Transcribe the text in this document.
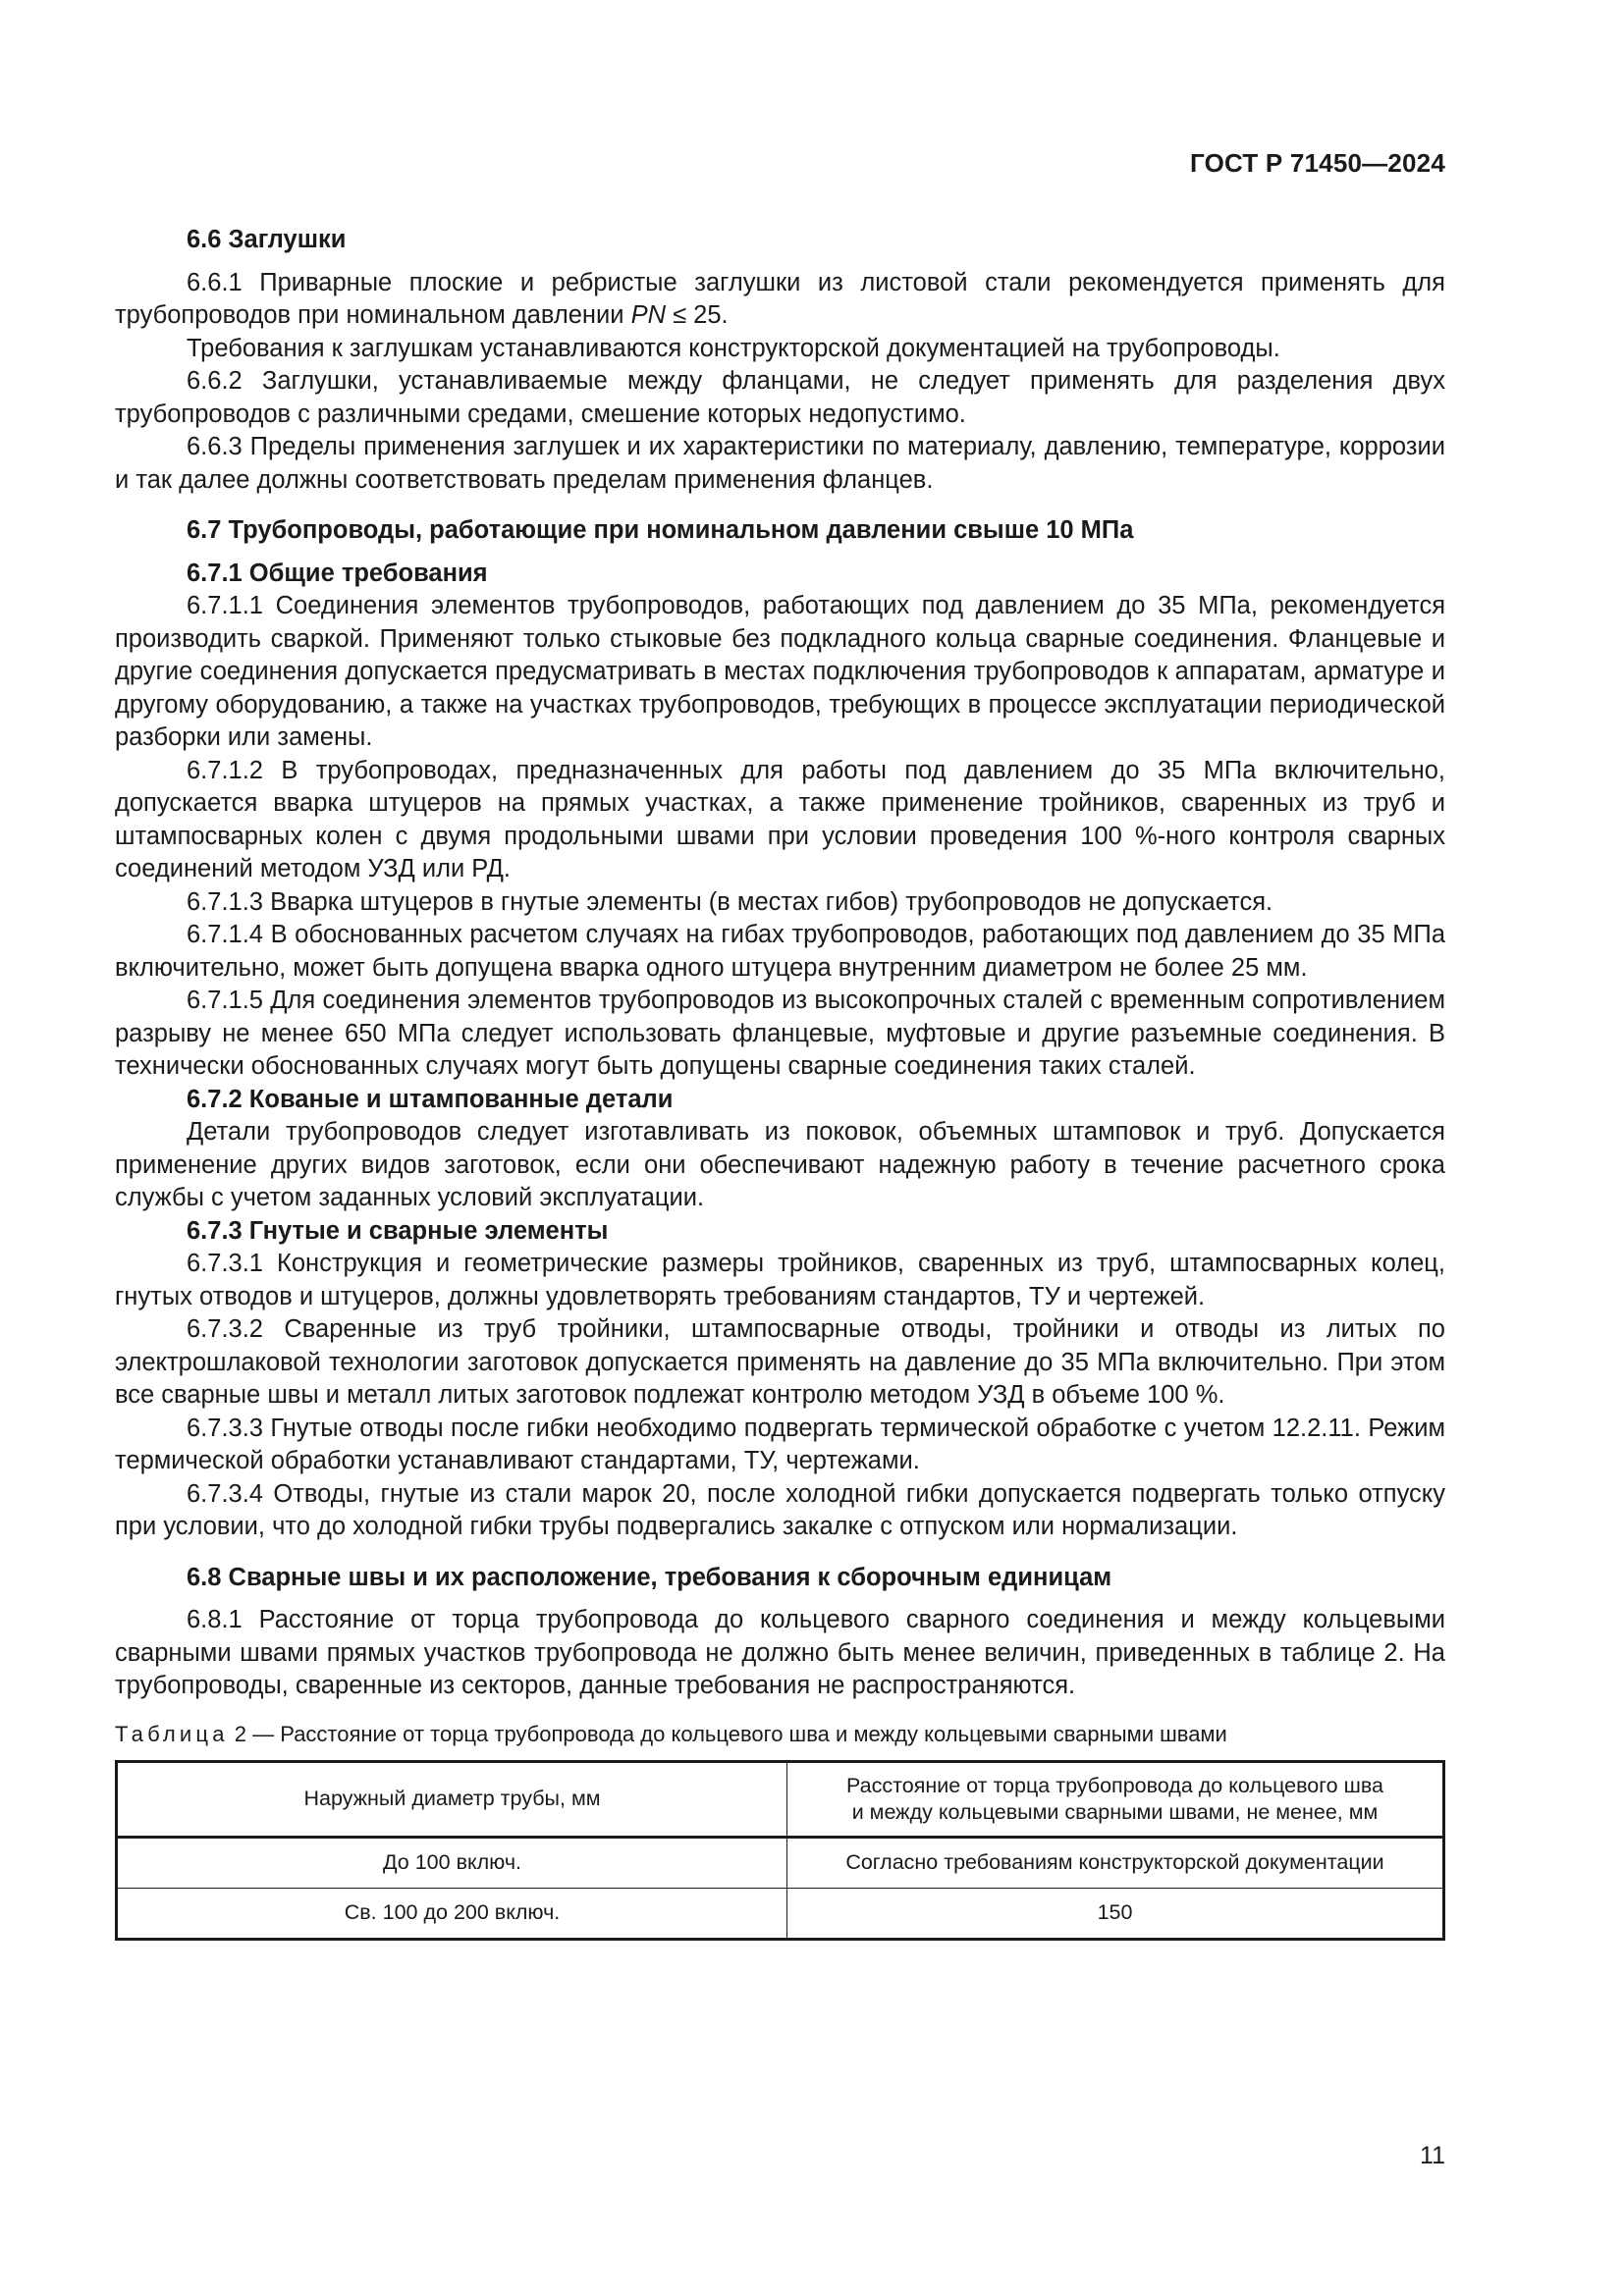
ГОСТ Р 71450—2024

6.6 Заглушки

6.6.1 Приварные плоские и ребристые заглушки из листовой стали рекомендуется применять для трубопроводов при номинальном давлении PN ≤ 25.

Требования к заглушкам устанавливаются конструкторской документацией на трубопроводы.

6.6.2 Заглушки, устанавливаемые между фланцами, не следует применять для разделения двух трубопроводов с различными средами, смешение которых недопустимо.

6.6.3 Пределы применения заглушек и их характеристики по материалу, давлению, температуре, коррозии и так далее должны соответствовать пределам применения фланцев.

6.7 Трубопроводы, работающие при номинальном давлении свыше 10 МПа

6.7.1 Общие требования

6.7.1.1 Соединения элементов трубопроводов, работающих под давлением до 35 МПа, рекомендуется производить сваркой. Применяют только стыковые без подкладного кольца сварные соединения. Фланцевые и другие соединения допускается предусматривать в местах подключения трубопроводов к аппаратам, арматуре и другому оборудованию, а также на участках трубопроводов, требующих в процессе эксплуатации периодической разборки или замены.

6.7.1.2 В трубопроводах, предназначенных для работы под давлением до 35 МПа включительно, допускается вварка штуцеров на прямых участках, а также применение тройников, сваренных из труб и штампосварных колен с двумя продольными швами при условии проведения 100 %-ного контроля сварных соединений методом УЗД или РД.

6.7.1.3 Вварка штуцеров в гнутые элементы (в местах гибов) трубопроводов не допускается.

6.7.1.4 В обоснованных расчетом случаях на гибах трубопроводов, работающих под давлением до 35 МПа включительно, может быть допущена вварка одного штуцера внутренним диаметром не более 25 мм.

6.7.1.5 Для соединения элементов трубопроводов из высокопрочных сталей с временным сопротивлением разрыву не менее 650 МПа следует использовать фланцевые, муфтовые и другие разъемные соединения. В технически обоснованных случаях могут быть допущены сварные соединения таких сталей.

6.7.2 Кованые и штампованные детали

Детали трубопроводов следует изготавливать из поковок, объемных штамповок и труб. Допускается применение других видов заготовок, если они обеспечивают надежную работу в течение расчетного срока службы с учетом заданных условий эксплуатации.

6.7.3 Гнутые и сварные элементы

6.7.3.1 Конструкция и геометрические размеры тройников, сваренных из труб, штампосварных колец, гнутых отводов и штуцеров, должны удовлетворять требованиям стандартов, ТУ и чертежей.

6.7.3.2 Сваренные из труб тройники, штампосварные отводы, тройники и отводы из литых по электрошлаковой технологии заготовок допускается применять на давление до 35 МПа включительно. При этом все сварные швы и металл литых заготовок подлежат контролю методом УЗД в объеме 100 %.

6.7.3.3 Гнутые отводы после гибки необходимо подвергать термической обработке с учетом 12.2.11. Режим термической обработки устанавливают стандартами, ТУ, чертежами.

6.7.3.4 Отводы, гнутые из стали марок 20, после холодной гибки допускается подвергать только отпуску при условии, что до холодной гибки трубы подвергались закалке с отпуском или нормализации.

6.8 Сварные швы и их расположение, требования к сборочным единицам

6.8.1 Расстояние от торца трубопровода до кольцевого сварного соединения и между кольцевыми сварными швами прямых участков трубопровода не должно быть менее величин, приведенных в таблице 2. На трубопроводы, сваренные из секторов, данные требования не распространяются.

Таблица 2 — Расстояние от торца трубопровода до кольцевого шва и между кольцевыми сварными швами

Наружный диаметр трубы, мм	Расстояние от торца трубопровода до кольцевого шва
и между кольцевыми сварными швами, не менее, мм
До 100 включ.	Согласно требованиям конструкторской документации
Св. 100 до 200 включ.	150
11
